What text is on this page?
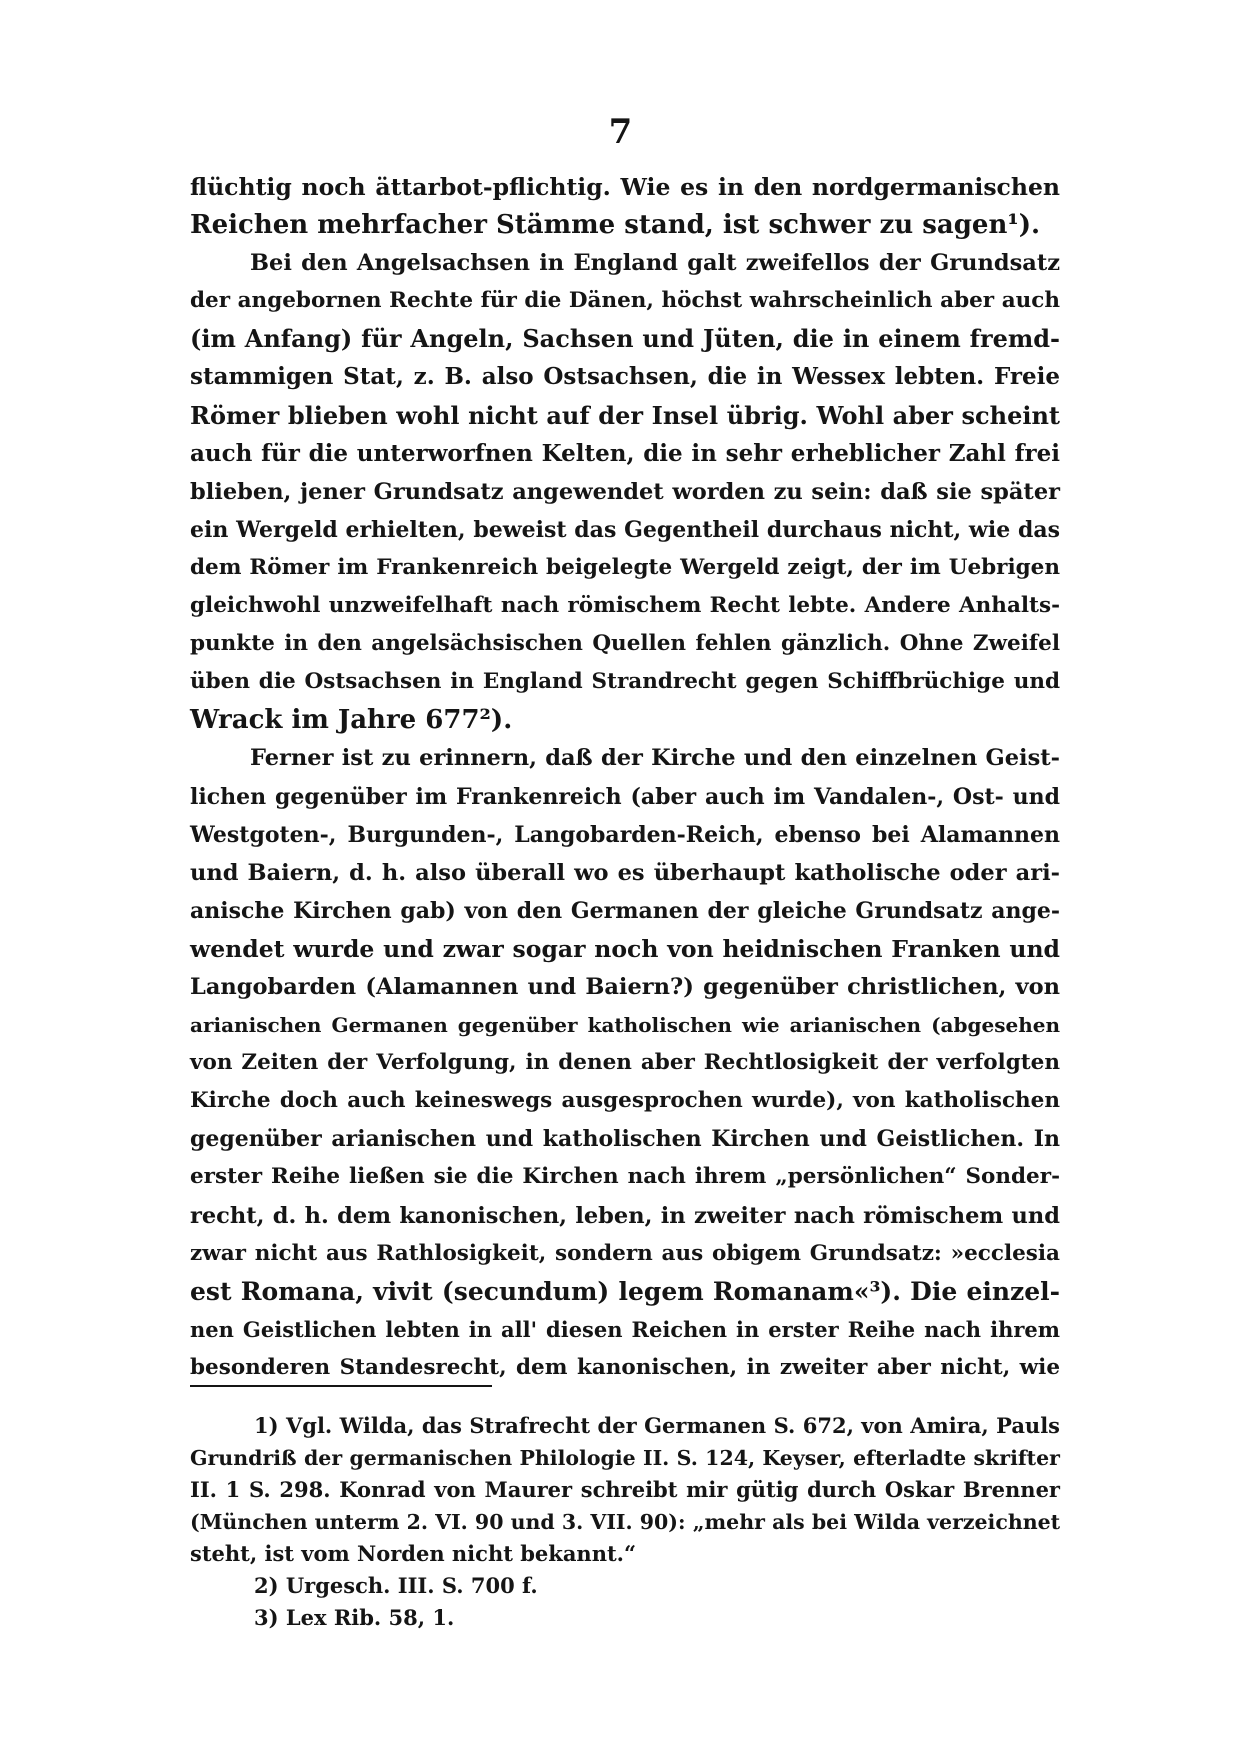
7
flüchtig noch ättarbot-pflichtig. Wie es in den nordgermanischen
Reichen mehrfacher Stämme stand, ist schwer zu sagen¹).
Bei den Angelsachsen in England galt zweifellos der Grundsatz
der angebornen Rechte für die Dänen, höchst wahrscheinlich aber auch
(im Anfang) für Angeln, Sachsen und Jüten, die in einem fremd-
stammigen Stat, z. B. also Ostsachsen, die in Wessex lebten. Freie
Römer blieben wohl nicht auf der Insel übrig. Wohl aber scheint
auch für die unterworfnen Kelten, die in sehr erheblicher Zahl frei
blieben, jener Grundsatz angewendet worden zu sein: daß sie später
ein Wergeld erhielten, beweist das Gegentheil durchaus nicht, wie das
dem Römer im Frankenreich beigelegte Wergeld zeigt, der im Uebrigen
gleichwohl unzweifelhaft nach römischem Recht lebte. Andere Anhalts-
punkte in den angelsächsischen Quellen fehlen gänzlich. Ohne Zweifel
üben die Ostsachsen in England Strandrecht gegen Schiffbrüchige und
Wrack im Jahre 677²).
Ferner ist zu erinnern, daß der Kirche und den einzelnen Geist-
lichen gegenüber im Frankenreich (aber auch im Vandalen-, Ost- und
Westgoten-, Burgunden-, Langobarden-Reich, ebenso bei Alamannen
und Baiern, d. h. also überall wo es überhaupt katholische oder ari-
anische Kirchen gab) von den Germanen der gleiche Grundsatz ange-
wendet wurde und zwar sogar noch von heidnischen Franken und
Langobarden (Alamannen und Baiern?) gegenüber christlichen, von
arianischen Germanen gegenüber katholischen wie arianischen (abgesehen
von Zeiten der Verfolgung, in denen aber Rechtlosigkeit der verfolgten
Kirche doch auch keineswegs ausgesprochen wurde), von katholischen
gegenüber arianischen und katholischen Kirchen und Geistlichen. In
erster Reihe ließen sie die Kirchen nach ihrem „persönlichen“ Sonder-
recht, d. h. dem kanonischen, leben, in zweiter nach römischem und
zwar nicht aus Rathlosigkeit, sondern aus obigem Grundsatz: »ecclesia
est Romana, vivit (secundum) legem Romanam«³). Die einzel-
nen Geistlichen lebten in all' diesen Reichen in erster Reihe nach ihrem
besonderen Standesrecht, dem kanonischen, in zweiter aber nicht, wie
1) Vgl. Wilda, das Strafrecht der Germanen S. 672, von Amira, Pauls
Grundriß der germanischen Philologie II. S. 124, Keyser, efterladte skrifter
II. 1 S. 298. Konrad von Maurer schreibt mir gütig durch Oskar Brenner
(München unterm 2. VI. 90 und 3. VII. 90): „mehr als bei Wilda verzeichnet
steht, ist vom Norden nicht bekannt.“
2) Urgesch. III. S. 700 f.
3) Lex Rib. 58, 1.
